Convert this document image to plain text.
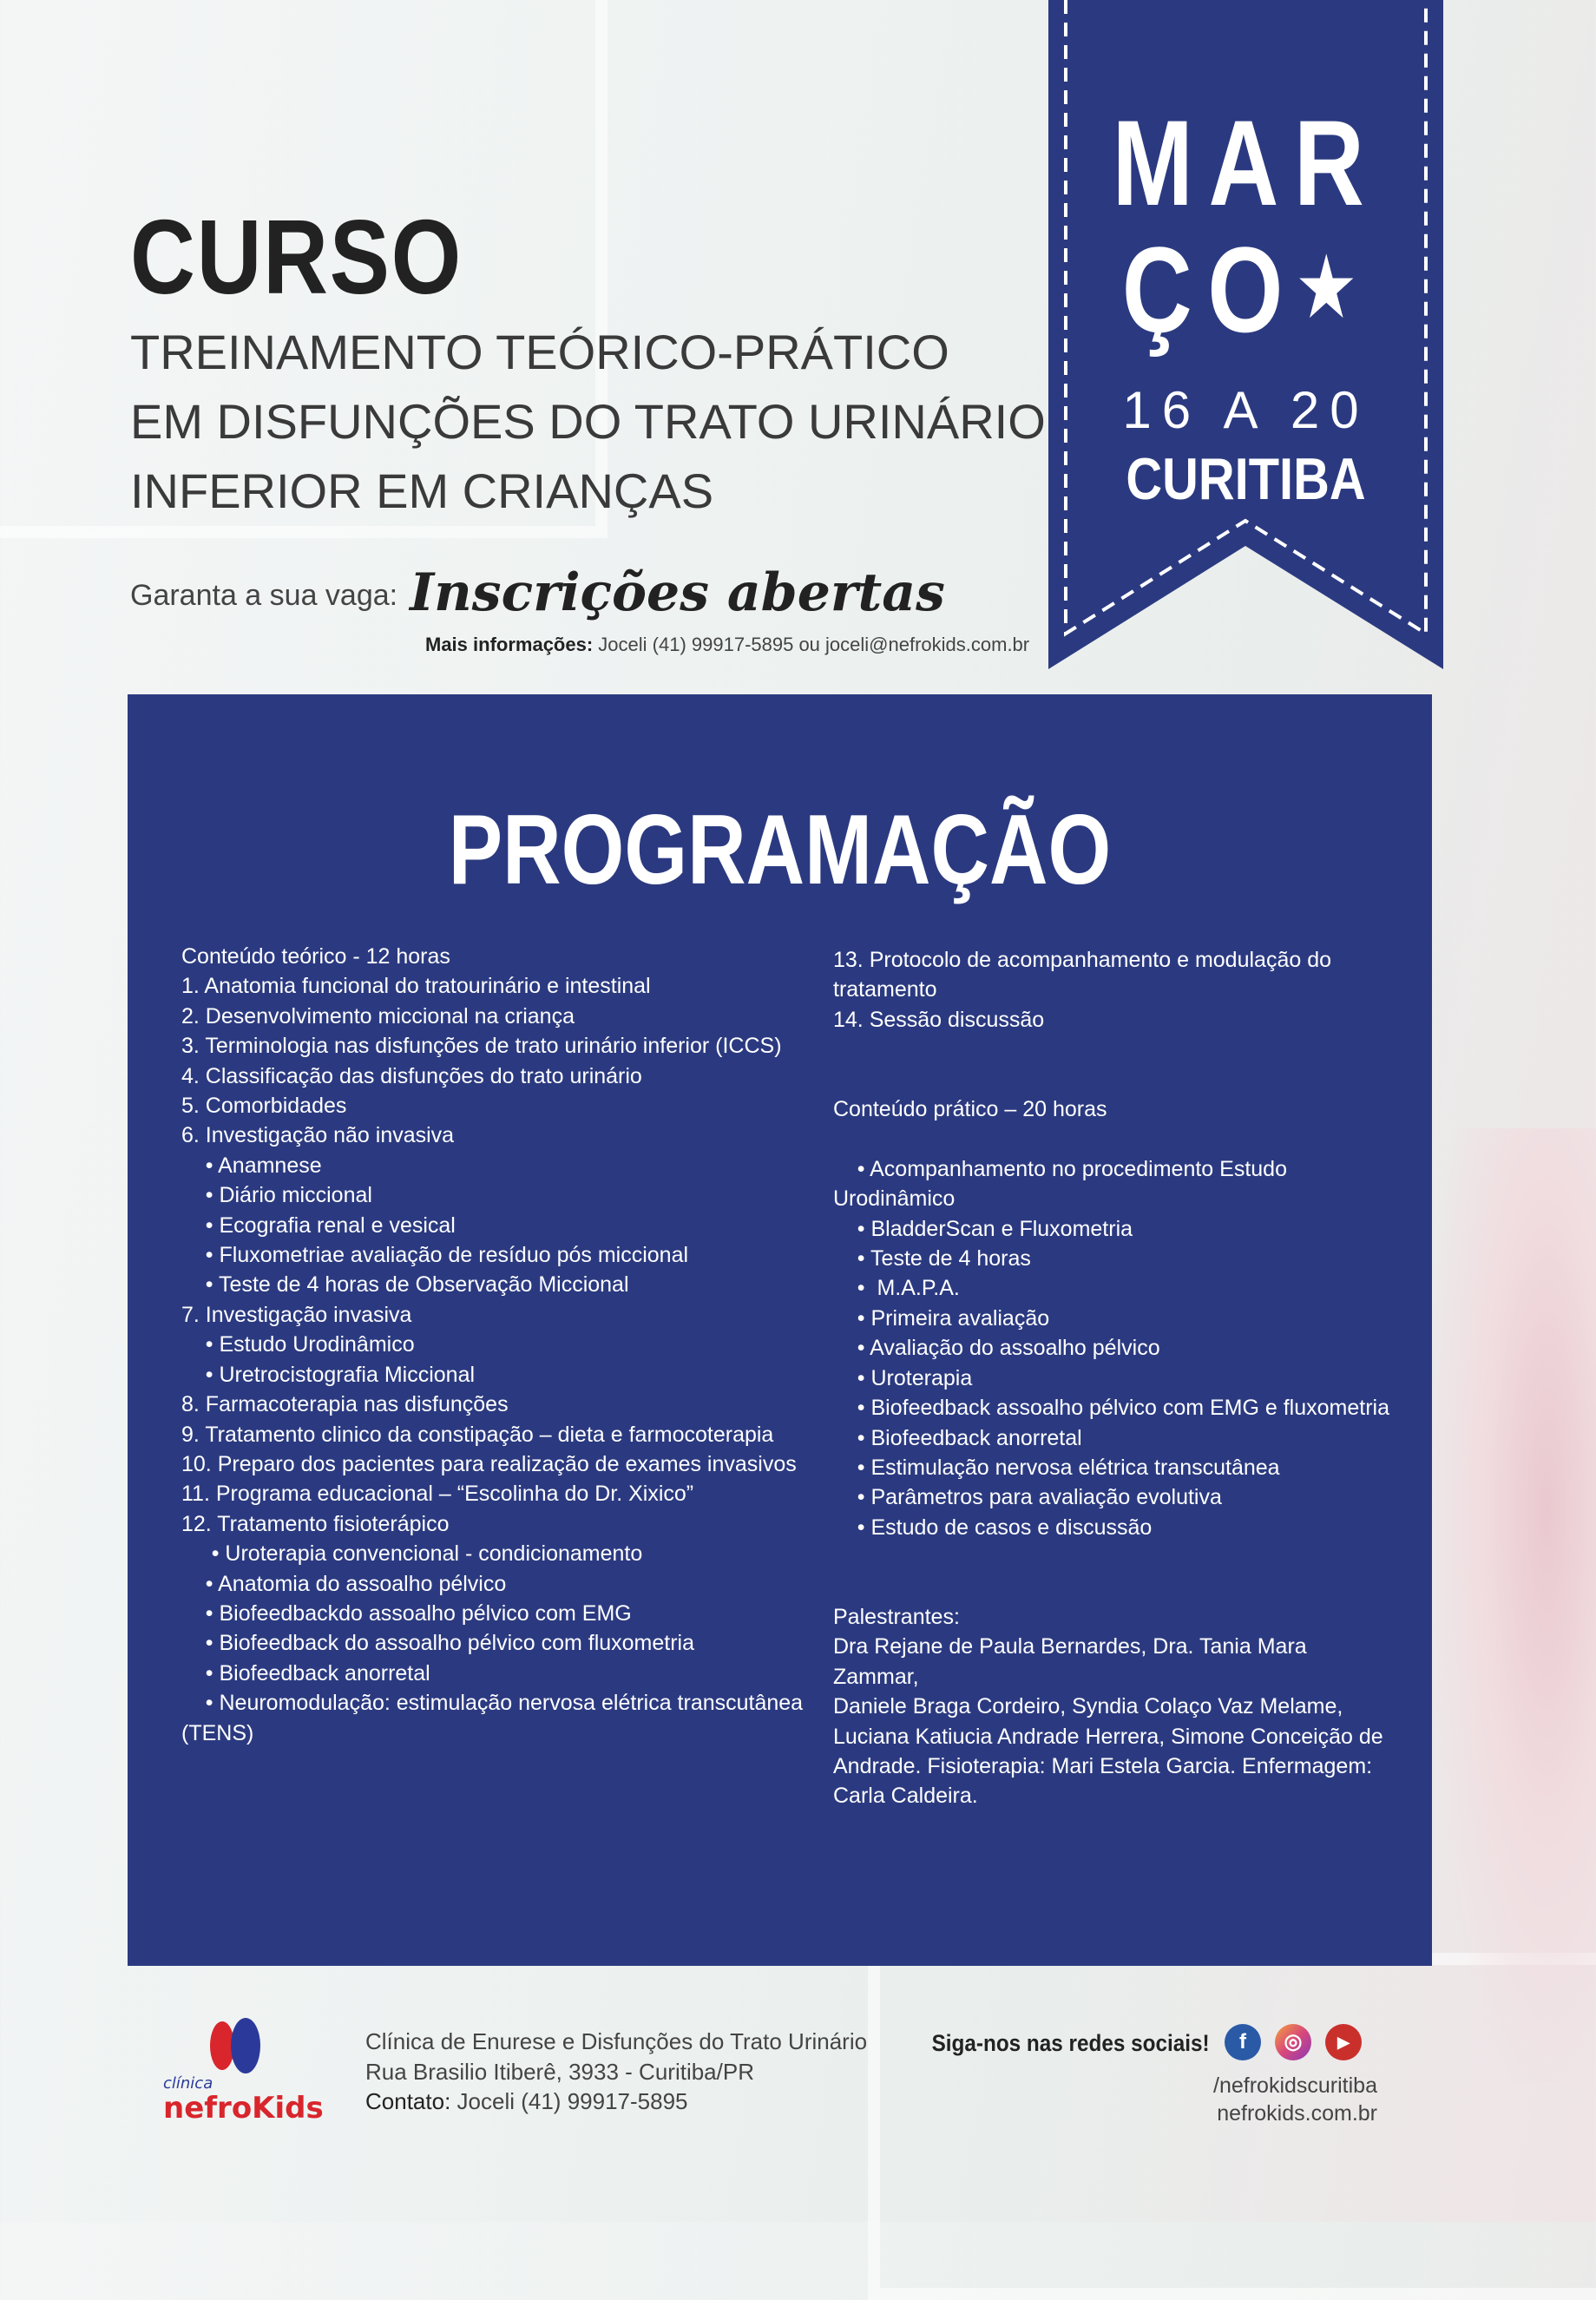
CURSO
TREINAMENTO TEÓRICO-PRÁTICO
EM DISFUNÇÕES DO TRATO URINÁRIO
INFERIOR EM CRIANÇAS
Garanta a sua vaga: Inscrições abertas
Mais informações: Joceli (41) 99917-5895 ou joceli@nefrokids.com.br
MAR
ÇO★
16 A 20
CURITIBA
PROGRAMAÇÃO
Conteúdo teórico - 12 horas
1. Anatomia funcional do tratourinário e intestinal
2. Desenvolvimento miccional na criança
3. Terminologia nas disfunções de trato urinário inferior (ICCS)
4. Classificação das disfunções do trato urinário
5. Comorbidades
6. Investigação não invasiva
• Anamnese
• Diário miccional
• Ecografia renal e vesical
• Fluxometriae avaliação de resíduo pós miccional
• Teste de 4 horas de Observação Miccional
7. Investigação invasiva
• Estudo Urodinâmico
• Uretrocistografia Miccional
8. Farmacoterapia nas disfunções
9. Tratamento clinico da constipação – dieta e farmocoterapia
10. Preparo dos pacientes para realização de exames invasivos
11. Programa educacional – “Escolinha do Dr. Xixico”
12. Tratamento fisioterápico
• Uroterapia convencional - condicionamento
• Anatomia do assoalho pélvico
• Biofeedbackdo assoalho pélvico com EMG
• Biofeedback do assoalho pélvico com fluxometria
• Biofeedback anorretal
• Neuromodulação: estimulação nervosa elétrica transcutânea (TENS)
13. Protocolo de acompanhamento e modulação do tratamento
14. Sessão discussão

Conteúdo prático – 20 horas

• Acompanhamento no procedimento Estudo Urodinâmico
• BladderScan e Fluxometria
• Teste de 4 horas
•  M.A.P.A.
• Primeira avaliação
• Avaliação do assoalho pélvico
• Uroterapia
• Biofeedback assoalho pélvico com EMG e fluxometria
• Biofeedback anorretal
• Estimulação nervosa elétrica transcutânea
• Parâmetros para avaliação evolutiva
• Estudo de casos e discussão

Palestrantes:
Dra Rejane de Paula Bernardes, Dra. Tania Mara Zammar,
Daniele Braga Cordeiro, Syndia Colaço Vaz Melame, Luciana Katiucia Andrade Herrera, Simone Conceição de Andrade. Fisioterapia: Mari Estela Garcia. Enfermagem: Carla Caldeira.
clínica
nefroKids
Clínica de Enurese e Disfunções do Trato Urinário
Rua Brasilio Itiberê, 3933 - Curitiba/PR
Contato: Joceli (41) 99917-5895
Siga-nos nas redes sociais!	f	◎	▶
/nefrokidscuritiba
nefrokids.com.br
